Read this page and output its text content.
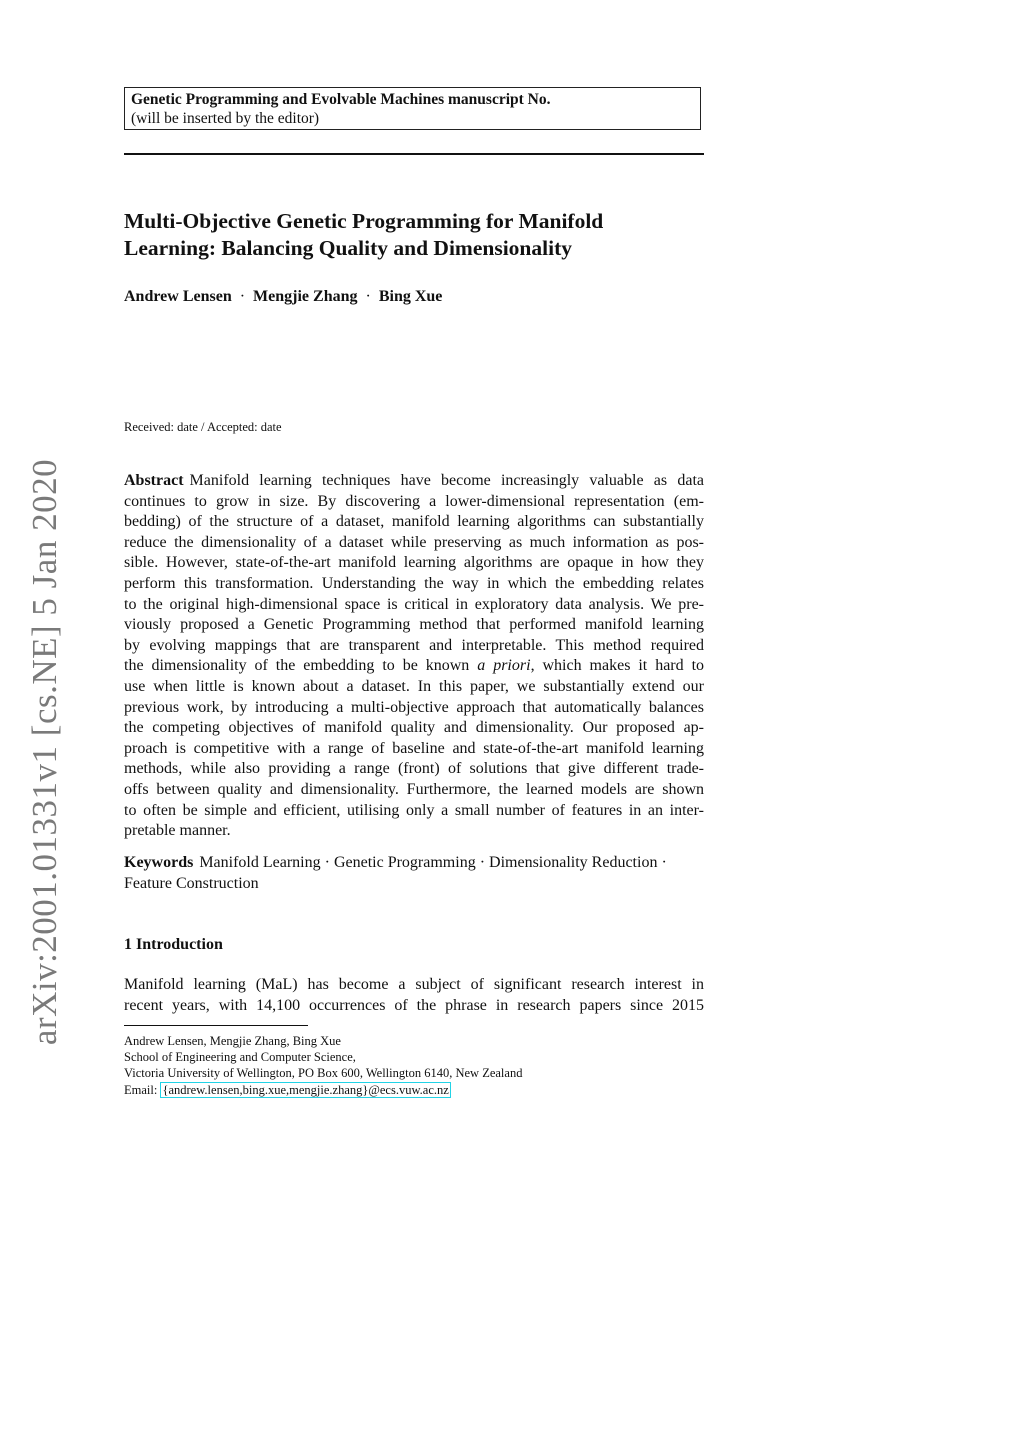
arXiv:2001.01331v1 [cs.NE] 5 Jan 2020
Genetic Programming and Evolvable Machines manuscript No.
(will be inserted by the editor)
Multi-Objective Genetic Programming for Manifold
Learning: Balancing Quality and Dimensionality
Andrew Lensen · Mengjie Zhang · Bing Xue
Received: date / Accepted: date
Abstract Manifold learning techniques have become increasingly valuable as data
continues to grow in size. By discovering a lower-dimensional representation (em-
bedding) of the structure of a dataset, manifold learning algorithms can substantially
reduce the dimensionality of a dataset while preserving as much information as pos-
sible. However, state-of-the-art manifold learning algorithms are opaque in how they
perform this transformation. Understanding the way in which the embedding relates
to the original high-dimensional space is critical in exploratory data analysis. We pre-
viously proposed a Genetic Programming method that performed manifold learning
by evolving mappings that are transparent and interpretable. This method required
the dimensionality of the embedding to be known a priori, which makes it hard to
use when little is known about a dataset. In this paper, we substantially extend our
previous work, by introducing a multi-objective approach that automatically balances
the competing objectives of manifold quality and dimensionality. Our proposed ap-
proach is competitive with a range of baseline and state-of-the-art manifold learning
methods, while also providing a range (front) of solutions that give different trade-
offs between quality and dimensionality. Furthermore, the learned models are shown
to often be simple and efficient, utilising only a small number of features in an inter-
pretable manner.
Keywords Manifold Learning · Genetic Programming · Dimensionality Reduction ·
Feature Construction
1 Introduction
Manifold learning (MaL) has become a subject of significant research interest in
recent years, with 14,100 occurrences of the phrase in research papers since 2015
Andrew Lensen, Mengjie Zhang, Bing Xue
School of Engineering and Computer Science,
Victoria University of Wellington, PO Box 600, Wellington 6140, New Zealand
Email: {andrew.lensen,bing.xue,mengjie.zhang}@ecs.vuw.ac.nz
